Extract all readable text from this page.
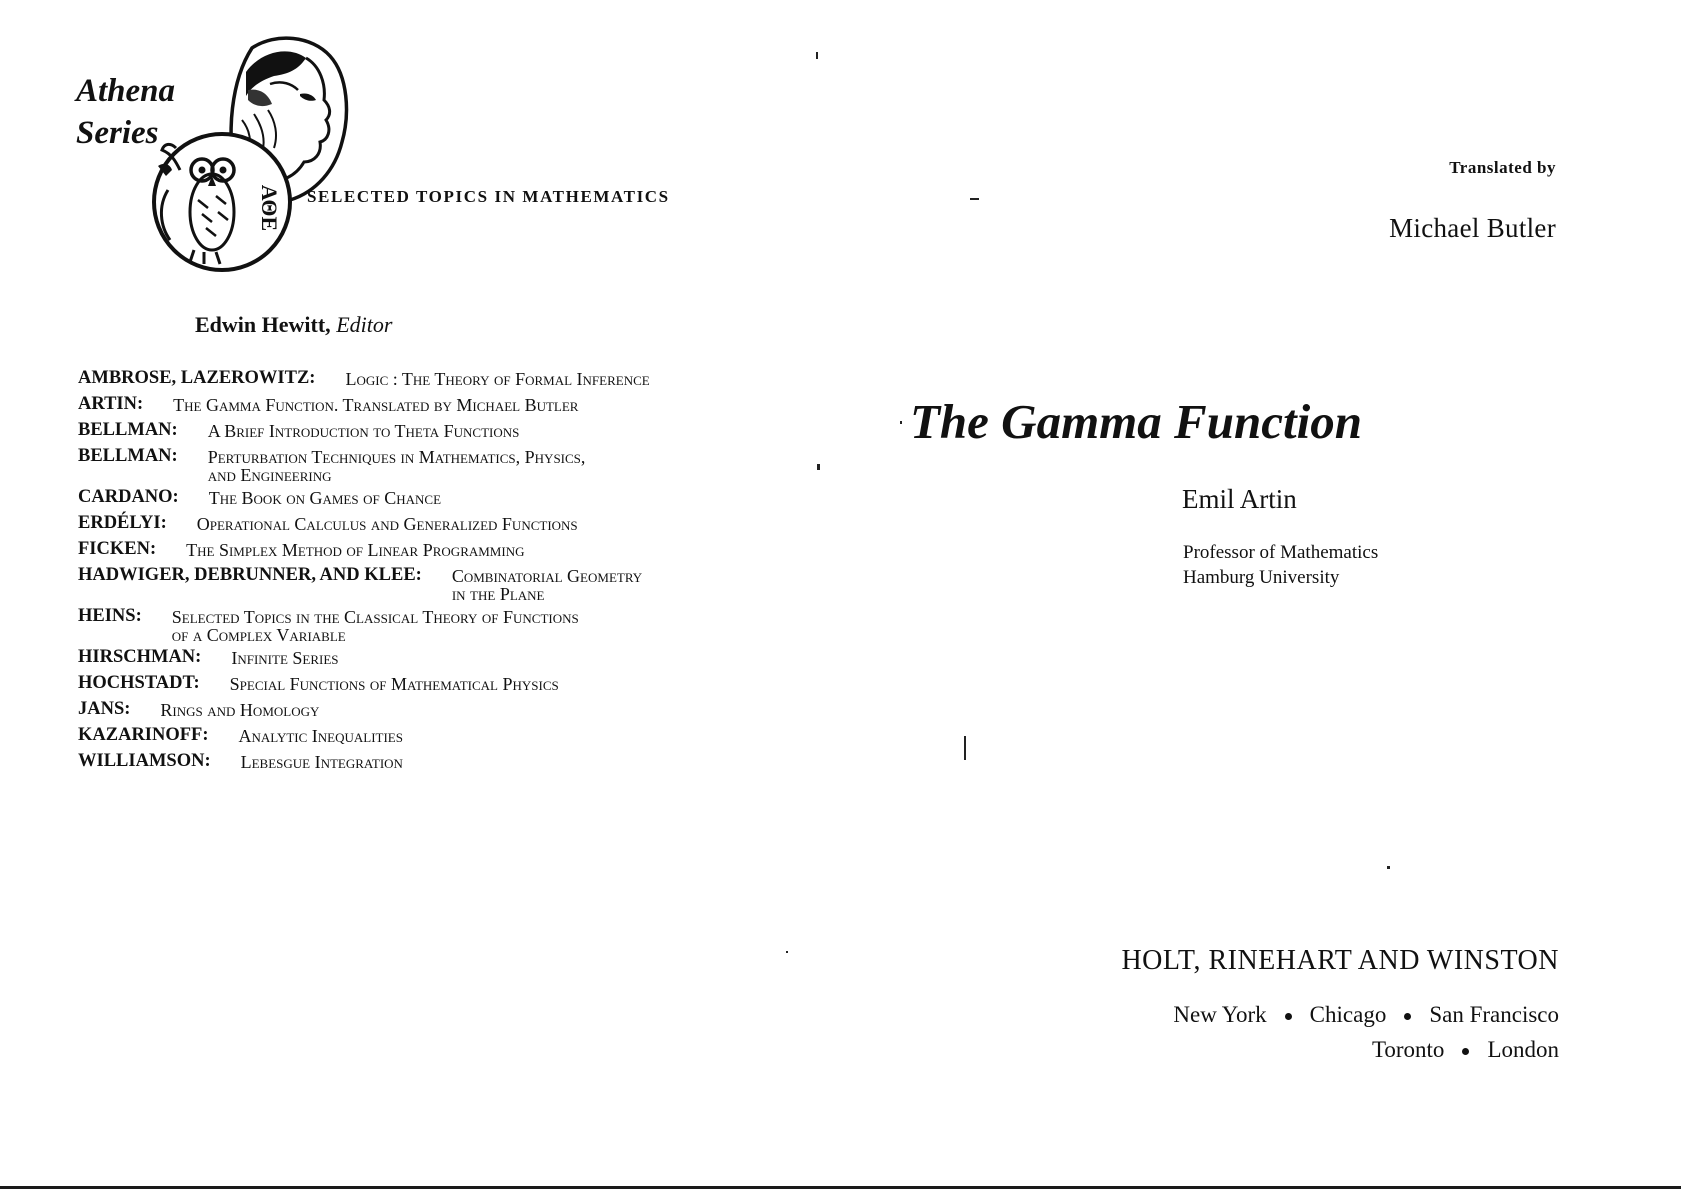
Athena
Series
ΑΘΕ SELECTED TOPICS IN MATHEMATICS
Edwin Hewitt, Editor
AMBROSE, LAZEROWITZ: Logic : The Theory of Formal Inference
ARTIN: The Gamma Function. Translated by Michael Butler
BELLMAN: A Brief Introduction to Theta Functions
BELLMAN: Perturbation Techniques in Mathematics, Physics,
and Engineering
CARDANO: The Book on Games of Chance
ERDÉLYI: Operational Calculus and Generalized Functions
FICKEN: The Simplex Method of Linear Programming
HADWIGER, DEBRUNNER, AND KLEE: Combinatorial Geometry
in the Plane
HEINS: Selected Topics in the Classical Theory of Functions
of a Complex Variable
HIRSCHMAN: Infinite Series
HOCHSTADT: Special Functions of Mathematical Physics
JANS: Rings and Homology
KAZARINOFF: Analytic Inequalities
WILLIAMSON: Lebesgue Integration
Translated by
Michael Butler
The Gamma Function
Emil Artin
Professor of Mathematics
Hamburg University
HOLT, RINEHART AND WINSTON
New York Chicago San Francisco
Toronto London
